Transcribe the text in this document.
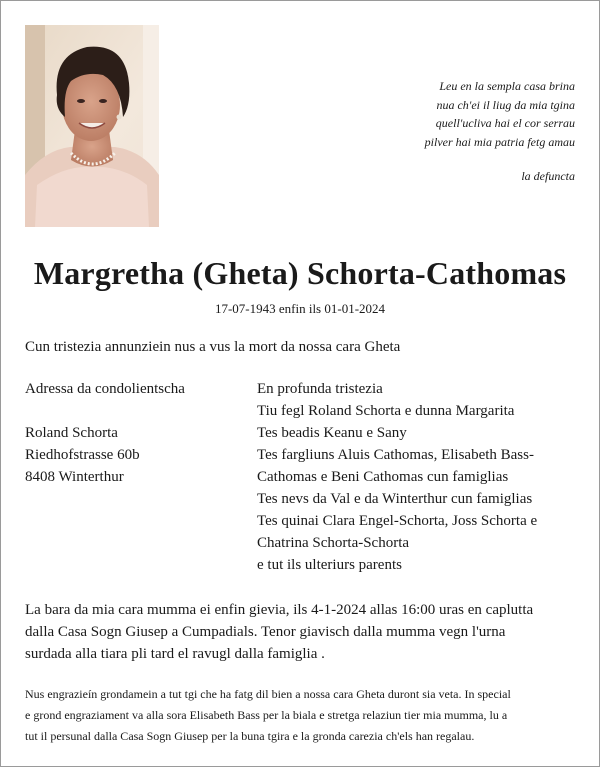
Leu en la sempla casa brina
nua ch'ei il liug da mia tgina
quell'ucliva hai el cor serrau
pilver hai mia patria fetg amau
la defuncta
Margretha (Gheta) Schorta-Cathomas
17-07-1943 enfin ils 01-01-2024
Cun tristezia annunziein nus a vus la mort da nossa cara Gheta
Adressa da condolientscha
Roland Schorta
Riedhofstrasse 60b
8408 Winterthur
En profunda tristezia
Tiu fegl Roland Schorta e dunna Margarita
Tes beadis Keanu e Sany
Tes fargliuns Aluis Cathomas, Elisabeth Bass-
Cathomas e Beni Cathomas cun famiglias
Tes nevs da Val e da Winterthur cun famiglias
Tes quinai Clara Engel-Schorta, Joss Schorta e
Chatrina Schorta-Schorta
e tut ils ulteriurs parents
La bara da mia cara mumma ei enfin gievia, ils 4-1-2024 allas 16:00 uras en caplutta
dalla Casa Sogn Giusep a Cumpadials. Tenor giavisch dalla mumma vegn l'urna
surdada alla tiara pli tard el ravugl dalla famiglia .
Nus engrazieín grondamein a tut tgi che ha fatg dil bien a nossa cara Gheta duront sia veta. In special
e grond engraziament va alla sora Elisabeth Bass per la biala e stretga relaziun tier mia mumma, lu a
tut il persunal dalla Casa Sogn Giusep per la buna tgira e la gronda carezia ch'els han regalau.
